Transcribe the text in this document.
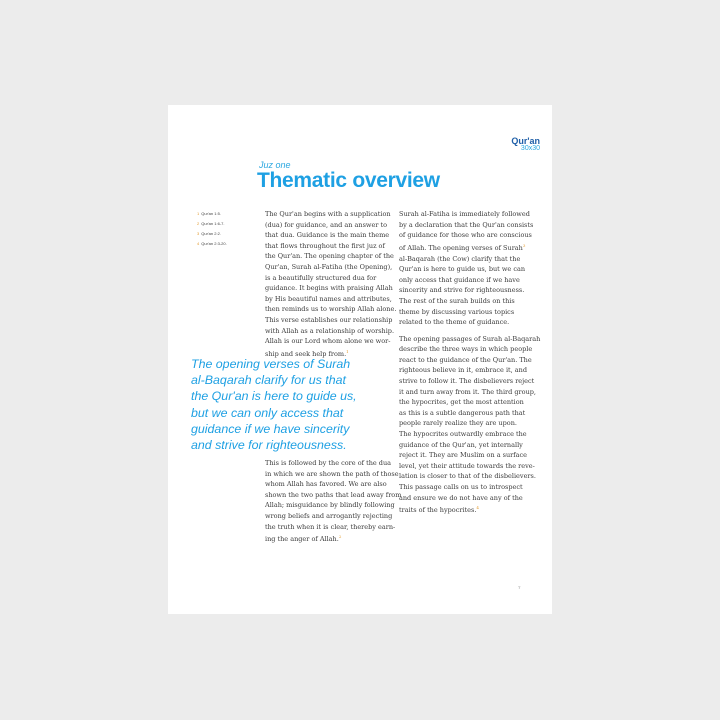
Qur'an
30x30
Juz one
Thematic overview
1 Qur'an 1:5.
2 Qur'an 1:6-7.
3 Qur'an 2:2.
4 Qur'an 2:3-20.

The Qur'an begins with a supplication
(dua) for guidance, and an answer to
that dua. Guidance is the main theme
that flows throughout the first juz of
the Qur'an. The opening chapter of the
Qur'an, Surah al-Fatiha (the Opening),
is a beautifully structured dua for
guidance. It begins with praising Allah
by His beautiful names and attributes,
then reminds us to worship Allah alone.
This verse establishes our relationship
with Allah as a relationship of worship.
Allah is our Lord whom alone we wor-
ship and seek help from.$^1$

The opening verses of Surah
al-Baqarah clarify for us that
the Qur'an is here to guide us,
but we can only access that
guidance if we have sincerity
and strive for righteousness.

This is followed by the core of the dua
in which we are shown the path of those
whom Allah has favored. We are also
shown the two paths that lead away from
Allah; misguidance by blindly following
wrong beliefs and arrogantly rejecting
the truth when it is clear, thereby earn-
ing the anger of Allah.$^2$

Surah al-Fatiha is immediately followed
by a declaration that the Qur'an consists
of guidance for those who are conscious
of Allah. The opening verses of Surah$^3$
al-Baqarah (the Cow) clarify that the
Qur'an is here to guide us, but we can
only access that guidance if we have
sincerity and strive for righteousness.
The rest of the surah builds on this
theme by discussing various topics
related to the theme of guidance.

The opening passages of Surah al-Baqarah
describe the three ways in which people
react to the guidance of the Qur'an. The
righteous believe in it, embrace it, and
strive to follow it. The disbelievers reject
it and turn away from it. The third group,
the hypocrites, get the most attention
as this is a subtle dangerous path that
people rarely realize they are upon.
The hypocrites outwardly embrace the
guidance of the Qur'an, yet internally
reject it. They are Muslim on a surface
level, yet their attitude towards the reve-
lation is closer to that of the disbelievers.
This passage calls on us to introspect
and ensure we do not have any of the
traits of the hypocrites.$^4$

7
